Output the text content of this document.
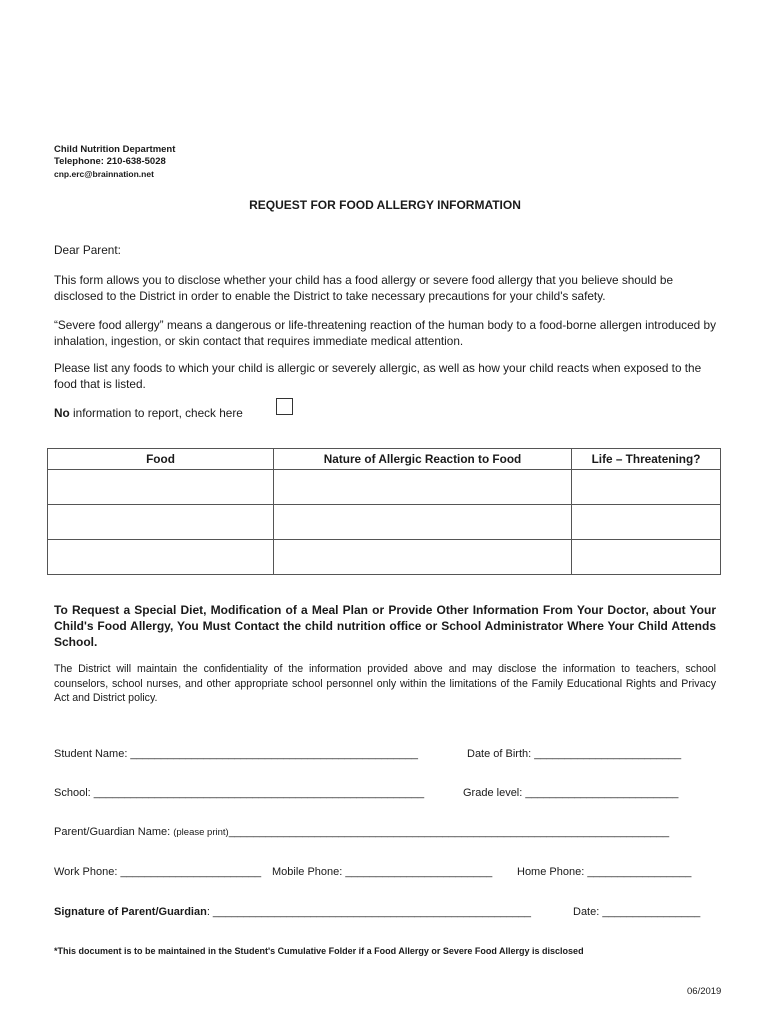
Child Nutrition Department
Telephone: 210-638-5028
cnp.erc@brainnation.net
REQUEST FOR FOOD ALLERGY INFORMATION
Dear Parent:
This form allows you to disclose whether your child has a food allergy or severe food allergy that you believe should be disclosed to the District in order to enable the District to take necessary precautions for your child's safety.
“Severe food allergy” means a dangerous or life-threatening reaction of the human body to a food-borne allergen introduced by inhalation, ingestion, or skin contact that requires immediate medical attention.
Please list any foods to which your child is allergic or severely allergic, as well as how your child reacts when exposed to the food that is listed.
No information to report, check here
Food	Nature of Allergic Reaction to Food	Life – Threatening?

To Request a Special Diet, Modification of a Meal Plan or Provide Other Information From Your Doctor, about Your Child's Food Allergy, You Must Contact the child nutrition office or School Administrator Where Your Child Attends School.
The District will maintain the confidentiality of the information provided above and may disclose the information to teachers, school counselors, school nurses, and other appropriate school personnel only within the limitations of the Family Educational Rights and Privacy Act and District policy.
Student Name: _______________________________________________	Date of Birth: ________________________
School: ______________________________________________________	Grade level: _________________________
Parent/Guardian Name: (please print)________________________________________________________________________
Work Phone: _______________________ Mobile Phone: ________________________ Home Phone: _________________
Signature of Parent/Guardian: ____________________________________________________	Date: ________________
*This document is to be maintained in the Student's Cumulative Folder if a Food Allergy or Severe Food Allergy is disclosed
06/2019
